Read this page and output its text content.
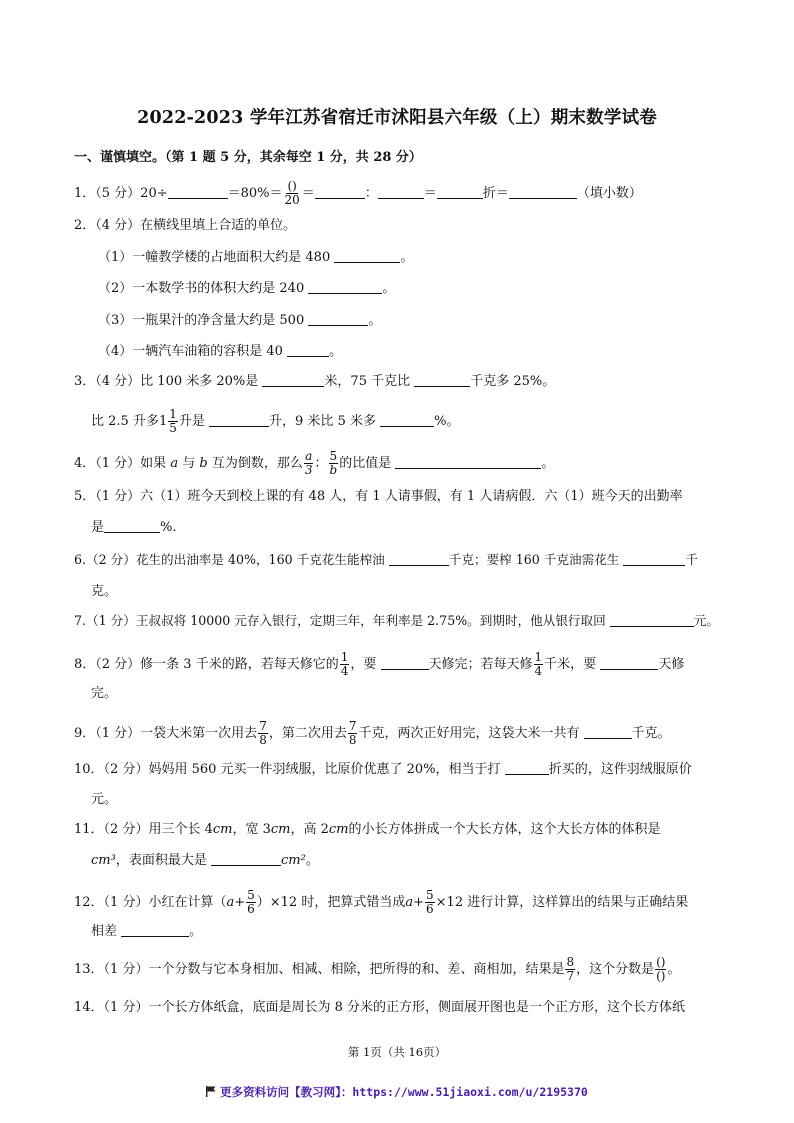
2022-2023 学年江苏省宿迁市沭阳县六年级（上）期末数学试卷
一、谨慎填空。（第 1 题 5 分，其余每空 1 分，共 28 分）
1．（5 分）20÷	$=80\%= \frac{()}{20}$ ＝	：	＝	折＝	（填小数）
2．（4 分）在横线里填上合适的单位。
（1）一幢教学楼的占地面积大约是 480	。
（2）一本数学书的体积大约是 240	。
（3）一瓶果汁的净含量大约是 500	。
（4）一辆汽车油箱的容积是 40	。
3．（4 分）比 100 米多 20%是	米，75 千克比	千克多 25%。
比 2.5 升多$1 \frac{1}{5}$ 升是	升，9 米比 5 米多	%。
4．（1 分）如果 a 与 b 互为倒数，那么 $\frac{a}{3}$ ： $\frac{5}{b}$ 的比值是	。
5．（1 分）六（1）班今天到校上课的有 48 人，有 1 人请事假，有 1 人请病假．六（1）班今天的出勤率
是	%.
6.（2 分）花生的出油率是 40%，160 千克花生能榨油	千克；要榨 160 千克油需花生	千
克。
7.（1 分）王叔叔将 10000 元存入银行，定期三年，年利率是 2.75%。到期时，他从银行取回	元。
8．（2 分）修一条 3 千米的路，若每天修它的 $\frac{1}{4}$ ，要	天修完；若每天修 $\frac{1}{4}$ 千米，要	天修
完。
9．（1 分）一袋大米第一次用去 $\frac{7}{8}$ ，第二次用去 $\frac{7}{8}$ 千克，两次正好用完，这袋大米一共有	千克。
10．（2 分）妈妈用 560 元买一件羽绒服，比原价优惠了 20%，相当于打	折买的，这件羽绒服原价
元。
11．（2 分）用三个长 4cm，宽 3cm，高 2cm的小长方体拼成一个大长方体，这个大长方体的体积是
cm³，表面积最大是	cm²。
12．（1 分）小红在计算$(a+ \frac{5}{6} )\times 12$ 时，把算式错当成$a+ \frac{5}{6} \times 12$ 进行计算，这样算出的结果与正确结果
相差	。
13．（1 分）一个分数与它本身相加、相减、相除，把所得的和、差、商相加，结果是 $\frac{8}{7}$ ，这个分数是 $\frac{()}{()}$ 。
14．（1 分）一个长方体纸盒，底面是周长为 8 分米的正方形，侧面展开图也是一个正方形，这个长方体纸
第 1页（共 16页）
更多资料访问【教习网】：https://www.51jiaoxi.com/u/2195370
